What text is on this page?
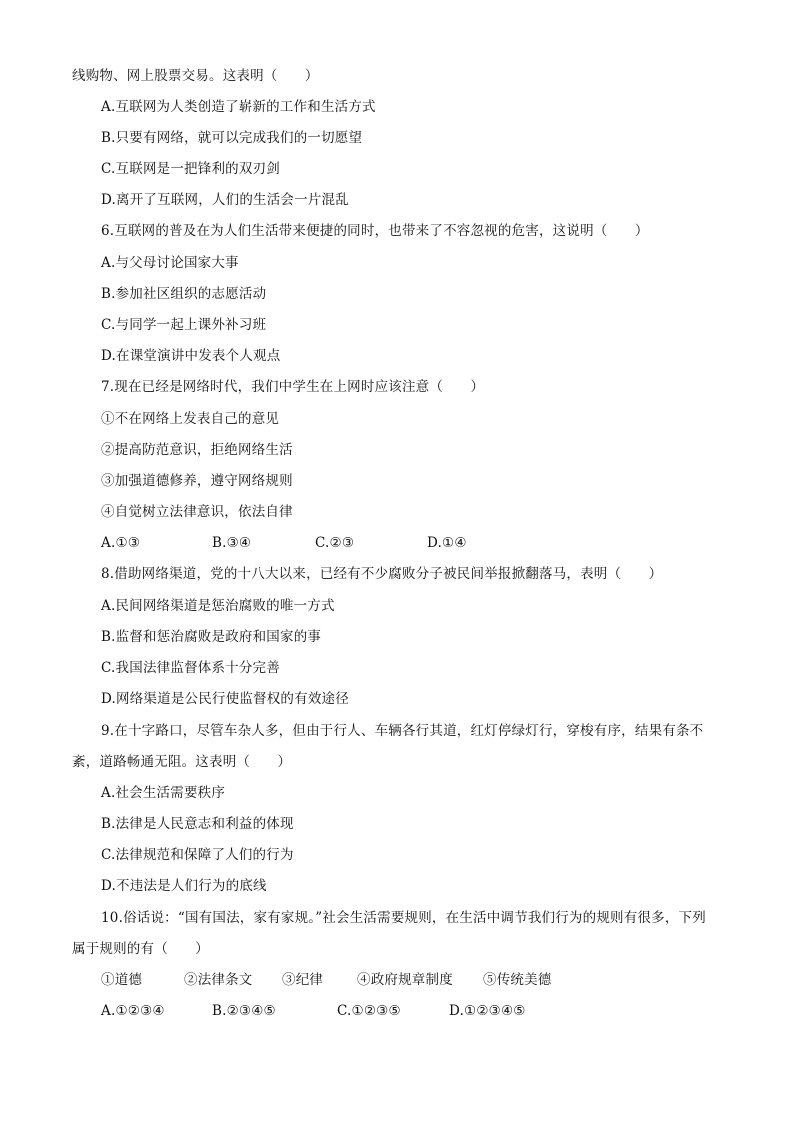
线购物、网上股票交易。这表明（　　）
A.互联网为人类创造了崭新的工作和生活方式
B.只要有网络，就可以完成我们的一切愿望
C.互联网是一把锋利的双刃剑
D.离开了互联网，人们的生活会一片混乱
6.互联网的普及在为人们生活带来便捷的同时，也带来了不容忽视的危害，这说明（　　）
A.与父母讨论国家大事
B.参加社区组织的志愿活动
C.与同学一起上课外补习班
D.在课堂演讲中发表个人观点
7.现在已经是网络时代，我们中学生在上网时应该注意（　　）
①不在网络上发表自己的意见
②提高防范意识，拒绝网络生活
③加强道德修养，遵守网络规则
④自觉树立法律意识，依法自律
A.①③	B.③④	C.②③	D.①④
8.借助网络渠道，党的十八大以来，已经有不少腐败分子被民间举报掀翻落马，表明（　　）
A.民间网络渠道是惩治腐败的唯一方式
B.监督和惩治腐败是政府和国家的事
C.我国法律监督体系十分完善
D.网络渠道是公民行使监督权的有效途径
9.在十字路口，尽管车杂人多，但由于行人、车辆各行其道，红灯停绿灯行，穿梭有序，结果有条不
紊，道路畅通无阻。这表明（　　）
A.社会生活需要秩序
B.法律是人民意志和利益的体现
C.法律规范和保障了人们的行为
D.不违法是人们行为的底线
10.俗话说：“国有国法，家有家规。”社会生活需要规则，在生活中调节我们行为的规则有很多，下列
属于规则的有（　　）
①道德	②法律条文 ③纪律	④政府规章制度 ⑤传统美德
A.①②③④	B.②③④⑤	C.①②③⑤	D.①②③④⑤
